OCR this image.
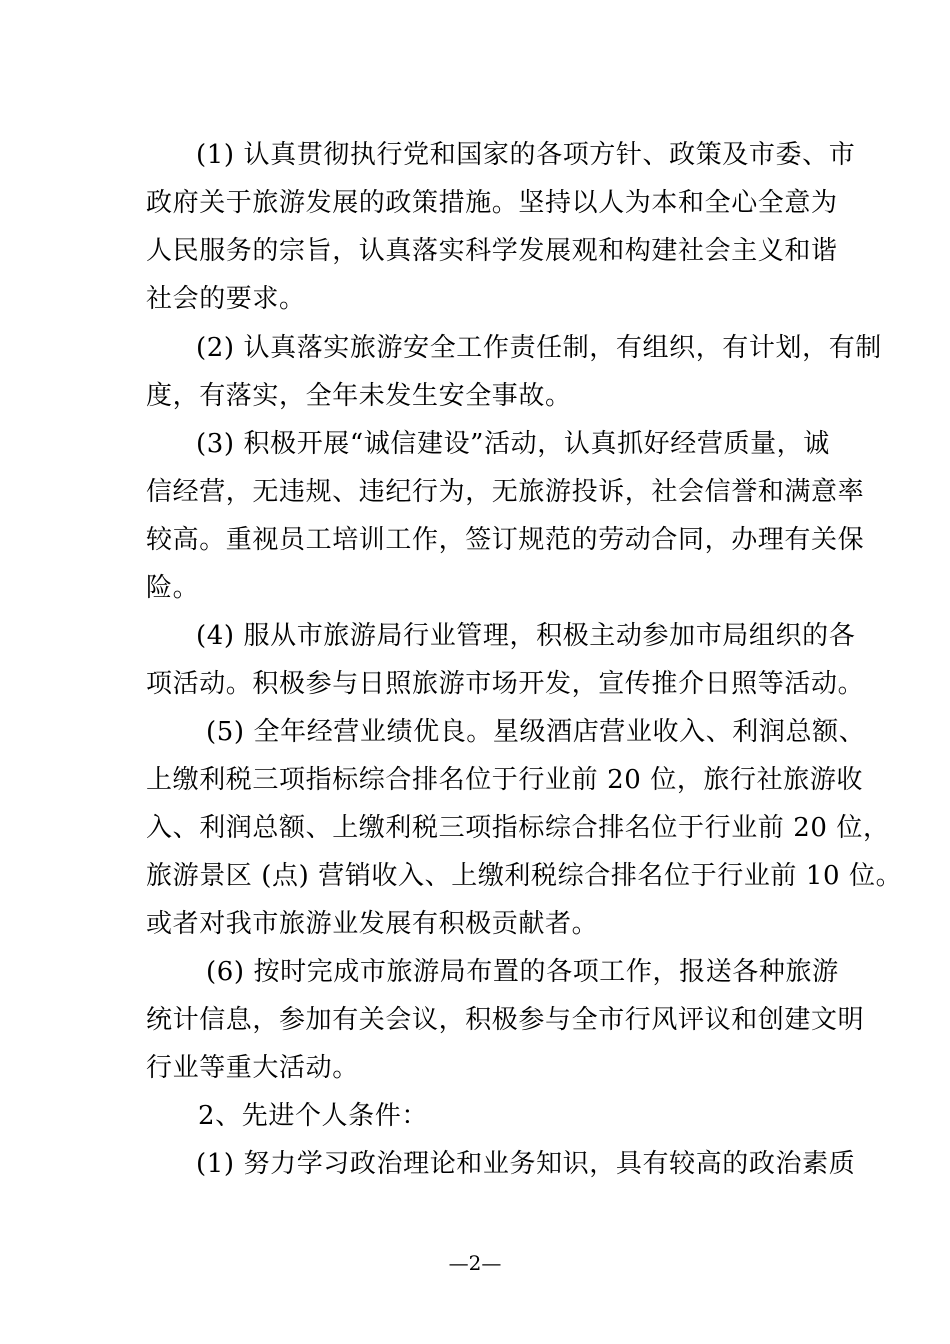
(1) 认真贯彻执行党和国家的各项方针、政策及市委、市
政府关于旅游发展的政策措施。坚持以人为本和全心全意为
人民服务的宗旨，认真落实科学发展观和构建社会主义和谐
社会的要求。
(2) 认真落实旅游安全工作责任制，有组织，有计划，有制
度，有落实，全年未发生安全事故。
(3) 积极开展“诚信建设”活动，认真抓好经营质量，诚
信经营，无违规、违纪行为，无旅游投诉，社会信誉和满意率
较高。重视员工培训工作，签订规范的劳动合同，办理有关保
险。
(4) 服从市旅游局行业管理，积极主动参加市局组织的各
项活动。积极参与日照旅游市场开发，宣传推介日照等活动。
(5) 全年经营业绩优良。星级酒店营业收入、利润总额、
上缴利税三项指标综合排名位于行业前 20 位，旅行社旅游收
入、利润总额、上缴利税三项指标综合排名位于行业前 20 位，
旅游景区 (点) 营销收入、上缴利税综合排名位于行业前 10 位。
或者对我市旅游业发展有积极贡献者。
(6) 按时完成市旅游局布置的各项工作，报送各种旅游
统计信息，参加有关会议，积极参与全市行风评议和创建文明
行业等重大活动。
2、先进个人条件：
(1) 努力学习政治理论和业务知识，具有较高的政治素质
—2—
